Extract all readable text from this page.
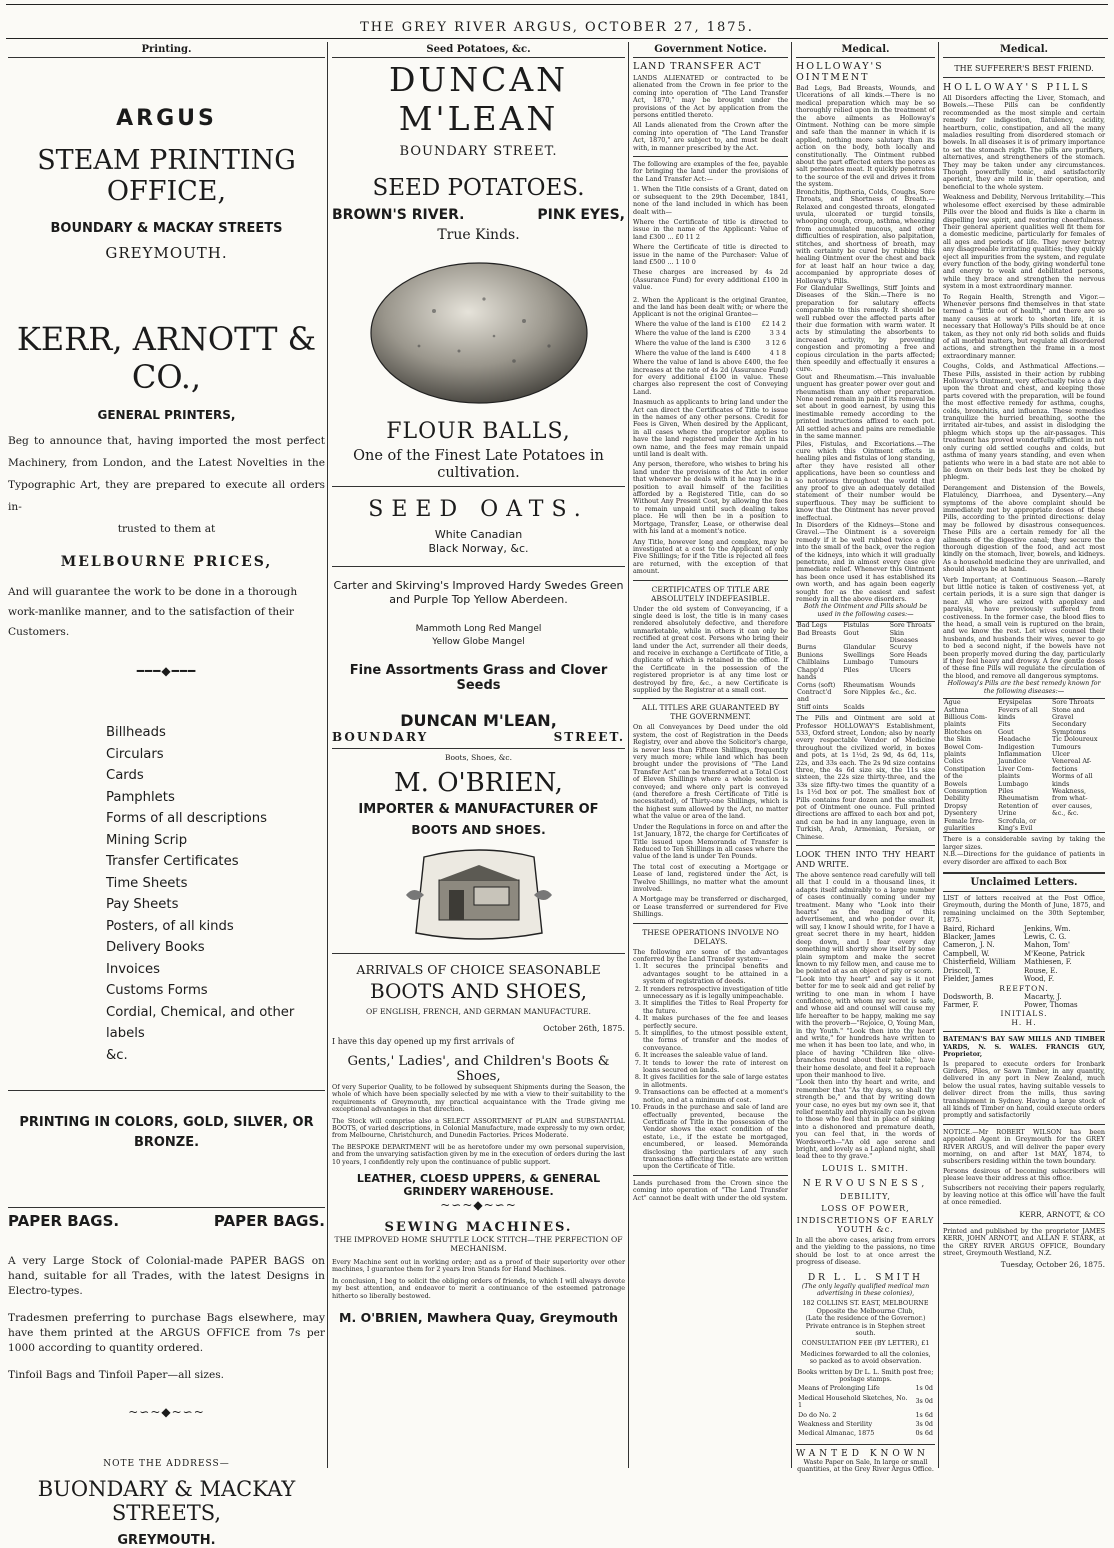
THE GREY RIVER ARGUS, OCTOBER 27, 1875.
Printing.
ARGUS
STEAM PRINTING OFFICE,
BOUNDARY & MACKAY STREETS
GREYMOUTH.
KERR, ARNOTT & CO.,
GENERAL PRINTERS,
Beg to announce that, having imported the most perfect Machinery, from London, and the Latest Novelties in the Typographic Art, they are prepared to execute all orders in-
trusted to them at
MELBOURNE PRICES,
And will guarantee the work to be done in a thorough work-manlike manner, and to the satisfaction of their Customers.
━━━◆━━━
Billheads
Circulars
Cards
Pamphlets
Forms of all descriptions
Mining Scrip
Transfer Certificates
Time Sheets
Pay Sheets
Posters, of all kinds
Delivery Books
Invoices
Customs Forms
Cordial, Chemical, and other labels
&c.
PRINTING IN COLORS, GOLD, SILVER, OR BRONZE.
PAPER BAGS.	PAPER BAGS.
A very Large Stock of Colonial-made PAPER BAGS on hand, suitable for all Trades, with the latest Designs in Electro-types.
Tradesmen preferring to purchase Bags elsewhere, may have them printed at the ARGUS OFFICE from 7s per 1000 according to quantity ordered.
Tinfoil Bags and Tinfoil Paper—all sizes.
~∽~◆~∽~
NOTE THE ADDRESS—
BUONDARY & MACKAY STREETS,
GREYMOUTH.
Seed Potatoes, &c.
DUNCAN M'LEAN
BOUNDARY STREET.
SEED POTATOES.
BROWN'S RIVER.	PINK EYES,
True Kinds.
FLOUR BALLS,
One of the Finest Late Potatoes in cultivation.
SEED OATS.
White Canadian
Black Norway, &c.
Carter and Skirving's Improved Hardy Swedes Green and Purple Top Yellow Aberdeen.
Mammoth Long Red Mangel
Yellow Globe Mangel
Fine Assortments Grass and Clover Seeds
DUNCAN M'LEAN,
BOUNDARY	STREET.
Boots, Shoes, &c.
M. O'BRIEN,
IMPORTER & MANUFACTURER OF
BOOTS AND SHOES.
ARRIVALS OF CHOICE SEASONABLE
BOOTS AND SHOES,
OF ENGLISH, FRENCH, AND GERMAN MANUFACTURE.
October 26th, 1875.
I have this day opened up my first arrivals of
Gents,' Ladies', and Children's Boots & Shoes,
Of very Superior Quality, to be followed by subsequent Shipments during the Season, the whole of which have been specially selected by me with a view to their suitability to the requirements of Greymouth, my practical acquaintance with the Trade giving me exceptional advantages in that direction.
The Stock will comprise also a SELECT ASSORTMENT of PLAIN and SUBSTANTIAL BOOTS, of varied descriptions, in Colonial Manufacture, made expressly to my own order, from Melbourne, Christchurch, and Dunedin Factories. Prices Moderate.
The BESPOKE DEPARTMENT will be as heretofore under my own personal supervision, and from the unvarying satisfaction given by me in the execution of orders during the last 10 years, I confidently rely upon the continuance of public support.
LEATHER, CLOESD UPPERS, & GENERAL GRINDERY WAREHOUSE.
~∽~◆~∽~
SEWING MACHINES.
THE IMPROVED HOME SHUTTLE LOCK STITCH—THE PERFECTION OF MECHANISM.
Every Machine sent out in working order; and as a proof of their superiority over other machines, I guarantee them for 2 years Iron Stands for Hand Machines.
In conclusion, I beg to solicit the obliging orders of friends, to which I will always devote my best attention, and endeavor to merit a continuance of the esteemed patronage hitherto so liberally bestowed.
M. O'BRIEN, Mawhera Quay, Greymouth
Government Notice.
LAND TRANSFER ACT
LANDS ALIENATED or contracted to be alienated from the Crown in fee prior to the coming into operation of "The Land Transfer Act, 1870," may be brought under the provisions of the Act by application from the persons entitled thereto.
All Lands alienated from the Crown after the coming into operation of "The Land Transfer Act, 1870," are subject to, and must be dealt with, in manner prescribed by the Act.
The following are examples of the fee, payable for bringing the land under the provisions of the Land Transfer Act:—
1. When the Title consists of a Grant, dated on or subsequent to the 29th December, 1841, none of the land included in which has been dealt with—
Where the Certificate of title is directed to issue in the name of the Applicant: Value of land £300 ... £0 11 2
Where the Certificate of title is directed to issue in the name of the Purchaser: Value of land £500 ... 1 10 0
These charges are increased by 4s 2d (Assurance Fund) for every additional £100 in value.
2. When the Applicant is the original Grantee, and the land has been dealt with; or where the Applicant is not the original Grantee—
Where the value of the land is £100	£2 14 2
Where the value of the land is £200	3 3 4
Where the value of the land is £300	3 12 6
Where the value of the land is £400	4 1 8
Where the value of land is above £400, the fee increases at the rate of 4s 2d (Assurance Fund) for every additional £100 in value. These charges also represent the cost of Conveying Land.
Inasmuch as applicants to bring land under the Act can direct the Certificates of Title to issue in the names of any other persons. Credit for Fees is Given, When desired by the Applicant, in all cases where the proprietor applies to have the land registered under the Act in his own name, and the fees may remain unpaid until land is dealt with.
Any person, therefore, who wishes to bring his land under the provisions of the Act in order that whenever he deals with it he may be in a position to avail himself of the facilities afforded by a Registered Title, can do so Without Any Present Cost, by allowing the fees to remain unpaid until such dealing takes place. He will then be in a position to Mortgage, Transfer, Lease, or otherwise deal with his land at a moment's notice.
Any Title, however long and complex, may be investigated at a cost to the Applicant of only Five Shillings; for if the Title is rejected all fees are returned, with the exception of that amount.
CERTIFICATES OF TITLE ARE ABSOLUTELY INDEFEASIBLE.
Under the old system of Conveyancing, if a single deed is lost, the title is in many cases rendered absolutely defective, and therefore unmarketable, while in others it can only be rectified at great cost. Persons who bring their land under the Act, surrender all their deeds, and receive in exchange a Certificate of Title, a duplicate of which is retained in the office. If the Certificate in the possession of the registered proprietor is at any time lost or destroyed by fire, &c., a new Certificate is supplied by the Registrar at a small cost.
ALL TITLES ARE GUARANTEED BY THE GOVERNMENT.
On all Conveyances by Deed under the old system, the cost of Registration in the Deeds Registry, over and above the Solicitor's charge, is never less than Fifteen Shillings, frequently very much more; while land which has been brought under the provisions of "The Land Transfer Act" can be transferred at a Total Cost of Eleven Shillings where a whole section is conveyed; and where only part is conveyed (and therefore a fresh Certificate of Title is necessitated), of Thirty-one Shillings, which is the highest sum allowed by the Act, no matter what the value or area of the land.
Under the Regulations in force on and after the 1st January, 1872, the charge for Certificates of Title issued upon Memoranda of Transfer is Reduced to Ten Shillings in all cases where the value of the land is under Ten Pounds.
The total cost of executing a Mortgage or Lease of land, registered under the Act, is Twelve Shillings, no matter what the amount involved.
A Mortgage may be transferred or discharged, or Lease transferred or surrendered for Five Shillings.
THESE OPERATIONS INVOLVE NO DELAYS.
The following are some of the advantages conferred by the Land Transfer system:—
1. It secures the principal benefits and advantages sought to be attained in a system of registration of deeds.
2. It renders retrospective investigation of title unnecessary as it is legally unimpeachable.
3. It simplifies the Titles to Real Property for the future.
4. It makes purchases of the fee and leases perfectly secure.
5. It simplifies, to the utmost possible extent, the forms of transfer and the modes of conveyance.
6. It increases the saleable value of land.
7. It tends to lower the rate of interest on loans secured on lands.
8. It gives facilities for the sale of large estates in allotments.
9. Transactions can be effected at a moment's notice, and at a minimum of cost.
10. Frauds in the purchase and sale of land are effectually prevented, because the Certificate of Title in the possession of the Vendor shows the exact condition of the estate, i.e., if the estate be mortgaged, encumbered, or leased. Memoranda disclosing the particulars of any such transactions affecting the estate are written upon the Certificate of Title.
Lands purchased from the Crown since the coming into operation of "The Land Transfer Act" cannot be dealt with under the old system.
Medical.
HOLLOWAY'S OINTMENT
Bad Legs, Bad Breasts, Wounds, and Ulcerations of all kinds.—There is no medical preparation which may be so thoroughly relied upon in the treatment of the above ailments as Holloway's Ointment. Nothing can be more simple and safe than the manner in which it is applied, nothing more salutary than its action on the body, both locally and constitutionally. The Ointment rubbed about the part effected enters the pores as salt permeates meat. It quickly penetrates to the source of the evil and drives it from the system.
Bronchitis, Diptheria, Colds, Coughs, Sore Throats, and Shortness of Breath.—Relaxed and congested throats, elongated uvula, ulcerated or turgid tonsils, whooping cough, croup, asthma, wheezing from accumulated mucous, and other difficulties of respiration, also palpitation, stitches, and shortness of breath, may with certainty be cured by rubbing this healing Ointment over the chest and back for at least half an hour twice a day, accompanied by appropriate doses of Holloway's Pills.
For Glandular Swellings, Stiff Joints and Diseases of the Skin.—There is no preparation for salutary effects comparable to this remedy. It should be well rubbed over the affected parts after their due formation with warm water. It acts by stimulating the absorbents to increased activity, by preventing congestion and promoting a free and copious circulation in the parts affected; then speedily and effectually it ensures a cure.
Gout and Rheumatism.—This invaluable unguent has greater power over gout and rheumatism than any other preparation. None need remain in pain if its removal be set about in good earnest, by using this inestimable remedy according to the printed instructions affixed to each pot. All settled aches and pains are remediable in the same manner.
Piles, Fistulas, and Excoriations.—The cure which this Ointment effects in healing piles and fistulas of long standing, after they have resisted all other applications, have been so countless and so notorious throughout the world that any proof to give an adequately detailed statement of their number would be superfluous. They may be sufficient to know that the Ointment has never proved ineffectual.
In Disorders of the Kidneys—Stone and Gravel.—The Ointment is a sovereign remedy if it be well rubbed twice a day into the small of the back, over the region of the kidneys, into which it will gradually penetrate, and in almost every case give immediate relief. Whenever this Ointment has been once used it has established its own worth, and has again been eagerly sought for as the easiest and safest remedy in all the above disorders.
Both the Ointment and Pills should be used in the following cases:—
Bad Legs	Fistulas	Sore Throats
Bad Breasts	Gout	Skin Diseases
Burns	Glandular	Scurvy
Bunions	Swellings	Sore Heads
Chilblains	Lumbago	Tumours
Chapp'd hands
Piles	Ulcers
Corns (soft)	Rheumatism Wounds
Contract'd and
Sore Nipples &c., &c.
Stiff oints	Scalds
The Pills and Ointment are sold at Professor HOLLOWAY'S Establishment, 533, Oxford street, London; also by nearly every respectable Vendor of Medicine throughout the civilized world, in boxes and pots, at 1s 1½d, 2s 9d, 4s 6d, 11s, 22s, and 33s each. The 2s 9d size contains three, the 4s 6d size six, the 11s size sixteen, the 22s size thirty-three, and the 33s size fifty-two times the quantity of a 1s 1½d box or pot. The smallest box of Pills contains four dozen and the smallest pot of Ointment one ounce. Full printed directions are affixed to each box and pot, and can be had in any language, even in Turkish, Arab, Armenian, Persian, or Chinese.
LOOK THEN INTO THY HEART AND WRITE.
The above sentence read carefully will tell all that I could in a thousand lines, it adapts itself admirably to a large number of cases continually coming under my treatment. Many who "Look into their hearts" as the reading of this advertisement, and who ponder over it, will say, I know I should write, for I have a great secret there in my heart, hidden deep down, and I fear every day something will shortly show itself by some plain symptom and make the secret known to my fellow men, and cause me to be pointed at as an object of pity or scorn.
"Look into thy heart" and say is it not better for me to seek aid and get relief by writing to one man in whom I have confidence, with whom my secret is safe, and whose aid and counsel will cause my life hereafter to be happy, making me say with the proverb—"Rejoice, O, Young Man, in thy Youth." "Look then into thy heart and write," for hundreds have written to me when it has been too late, and who, in place of having "Children like olive-branches round about their table," have their home desolate, and feel it a reproach upon their manhood to live.
"Look then into thy heart and write, and remember that "As thy days, so shall thy strength be," and that by writing down your case, no eyes but my own see it, that relief mentally and physically can be given to those who feel that in place of sinking into a dishonored and premature death, you can feel that, in the words of Wordsworth—"An old age serene and bright, and lovely as a Lapland night, shall lead thee to thy grave."
LOUIS L. SMITH.
NERVOUSNESS,
DEBILITY,
LOSS OF POWER,
INDISCRETIONS OF EARLY YOUTH &c.
In all the above cases, arising from errors and the yielding to the passions, no time should be lost to at once arrest the progress of disease.
DR L. L. SMITH
(The only legally qualified medical man advertising in these colonies),
182 COLLINS ST. EAST, MELBOURNE
Opposite the Melbourne Club,
(Late the residence of the Governor.) Private entrance is in Stephen street south.
CONSULTATION FEE (BY LETTER), £1
Medicines forwarded to all the colonies, so packed as to avoid observation.
Books written by Dr L. L. Smith post free; postage stamps.
Means of Prolonging Life	1s 0d
Medical Household Sketches, No. 1	3s 0d
Do do No. 2	1s 6d
Weakness and Sterility	3s 0d
Medical Almanac, 1875	0s 6d
WANTED KNOWN
Waste Paper on Sale, In large or small quantities, at the Grey River Argus Office.
Medical.
THE SUFFERER'S BEST FRIEND.
HOLLOWAY'S PILLS
All Disorders affecting the Liver, Stomach, and Bowels.—These Pills can be confidently recommended as the most simple and certain remedy for indigestion, flatulency, acidity, heartburn, colic, constipation, and all the many maladies resulting from disordered stomach or bowels. In all diseases it is of primary importance to set the stomach right. The pills are purifiers, alternatives, and strengtheners of the stomach. They may be taken under any circumstances. Though powerfully tonic, and satisfactorily aperient, they are mild in their operation, and beneficial to the whole system.
Weakness and Debility, Nervous Irritability.—This wholesome effect exercised by these admirable Pills over the blood and fluids is like a charm in dispelling low spirit, and restoring cheerfulness. Their general aperient qualities well fit them for a domestic medicine, particularly for females of all ages and periods of life. They never betray any disagreeable irritating qualities; they quickly eject all impurities from the system, and regulate every function of the body, giving wonderful tone and energy to weak and debilitated persons, while they brace and strengthen the nervous system in a most extraordinary manner.
To Regain Health, Strength and Vigor.—Whenever persons find themselves in that state termed a "little out of health," and there are so many causes at work to shorten life, it is necessary that Holloway's Pills should be at once taken, as they not only rid both solids and fluids of all morbid matters, but regulate all disordered actions, and strengthen the frame in a most extraordinary manner.
Coughs, Colds, and Asthmatical Affections.—These Pills, assisted in their action by rubbing Holloway's Ointment, very effectually twice a day upon the throat and chest, and keeping those parts covered with the preparation, will be found the most effective remedy for asthma, coughs, colds, bronchitis, and influenza. These remedies tranquilize the hurried breathing, soothe the irritated air-tubes, and assist in dislodging the phlegm which stops up the air-passages. This treatment has proved wonderfully efficient in not only curing old settled coughs and colds, but asthma of many years standing, and even when patients who were in a bad state are not able to lie down on their beds lest they be choked by phlegm.
Derangement and Distension of the Bowels, Flatulency, Diarrhoea, and Dysentery.—Any symptoms of the above complaint should be immediately met by appropriate doses of these Pills, according to the printed directions: delay may be followed by disastrous consequences. These Pills are a certain remedy for all the ailments of the digestive canal; they secure the thorough digestion of the food, and act most kindly on the stomach, liver, bowels, and kidneys. As a household medicine they are unrivalled, and should always be at hand.
Verb Important; at Continuous Season.—Rarely but little notice is taken of costiveness yet, at certain periods, it is a sure sign that danger is near. All who are seized with apoplexy and paralysis, have previously suffered from costiveness. In the former case, the blood flies to the head, a small vein is ruptured on the brain, and we know the rest. Let wives counsel their husbands, and husbands their wives, never to go to bed a second night, if the bowels have not been properly moved during the day, particularly if they feel heavy and drowsy. A few gentle doses of these fine Pills will regulate the circulation of the blood, and remove all dangerous symptoms.
Holloway's Pills are the best remedy known for the following diseases:—
Ague	Erysipelas	Sore Throats
Asthma	Fevers of all	Stone and
Billious Com-	kinds	Gravel
plaints	Fits	Secondary
Blotches on	Gout	Symptoms
the Skin	Headache	Tic Doloureux
Bowel Com-	Indigestion	Tumours
plaints	Inflammation	Ulcer
Colics	Jaundice	Venereal Af-
Constipation	Liver Com-	fections
of the	plaints	Worms of all
Bowels	Lumbago	kinds
Consumption	Piles	Weakness,
Debility	Rheumatism	from what-
Dropsy	Retention of	ever causes,
Dysentery	Urine	&c., &c.
Female Irre-	Scrofula, or
gularities	King's Evil
There is a considerable saving by taking the larger sizes.
N.B.—Directions for the guidance of patients in every disorder are affixed to each Box
Unclaimed Letters.
LIST of letters received at the Post Office, Greymouth, during the Month of June, 1875, and remaining unclaimed on the 30th September, 1875.
Baird, Richard	Jenkins, Wm.
Blacker, James	Lewis, C. G.
Cameron, J. N.	Mahon, Tom'
Campbell, W.	M'Keone, Patrick
Chisterfield, William	Mathiesen, F.
Driscoll, T.	Rouse, E.
Fielder, James	Wood, F.
REEFTON.
Dodsworth, B.	Macarty, J.
Farmer, F.	Power, Thomas
INITIALS.
H. H.
BATEMAN'S BAY SAW MILLS AND TIMBER YARDS, N. S. WALES. FRANCIS GUY, Proprietor,
Is prepared to execute orders for Ironbark Girders, Piles, or Sawn Timber, in any quantity, delivered in any port in New Zealand, much below the usual rates, having suitable vessels to deliver direct from the mills, thus saving transhipment in Sydney. Having a large stock of all kinds of Timber on hand, could execute orders promptly and satisfactorily
NOTICE.—Mr ROBERT WILSON has been appointed Agent in Greymouth for the GREY RIVER ARGUS, and will deliver the paper every morning, on and after 1st MAY, 1874, to subscribers residing within the town boundary.
Persons desirous of becoming subscribers will please leave their address at this office.
Subscribers not receiving their papers regularly, by leaving notice at this office will have the fault at once remedied.
KERR, ARNOTT, & CO
Printed and published by the proprietor JAMES KERR, JOHN ARNOTT, and ALLAN F. STARK, at the GREY RIVER ARGUS OFFICE, Boundary street, Greymouth Westland, N.Z.
Tuesday, October 26, 1875.
